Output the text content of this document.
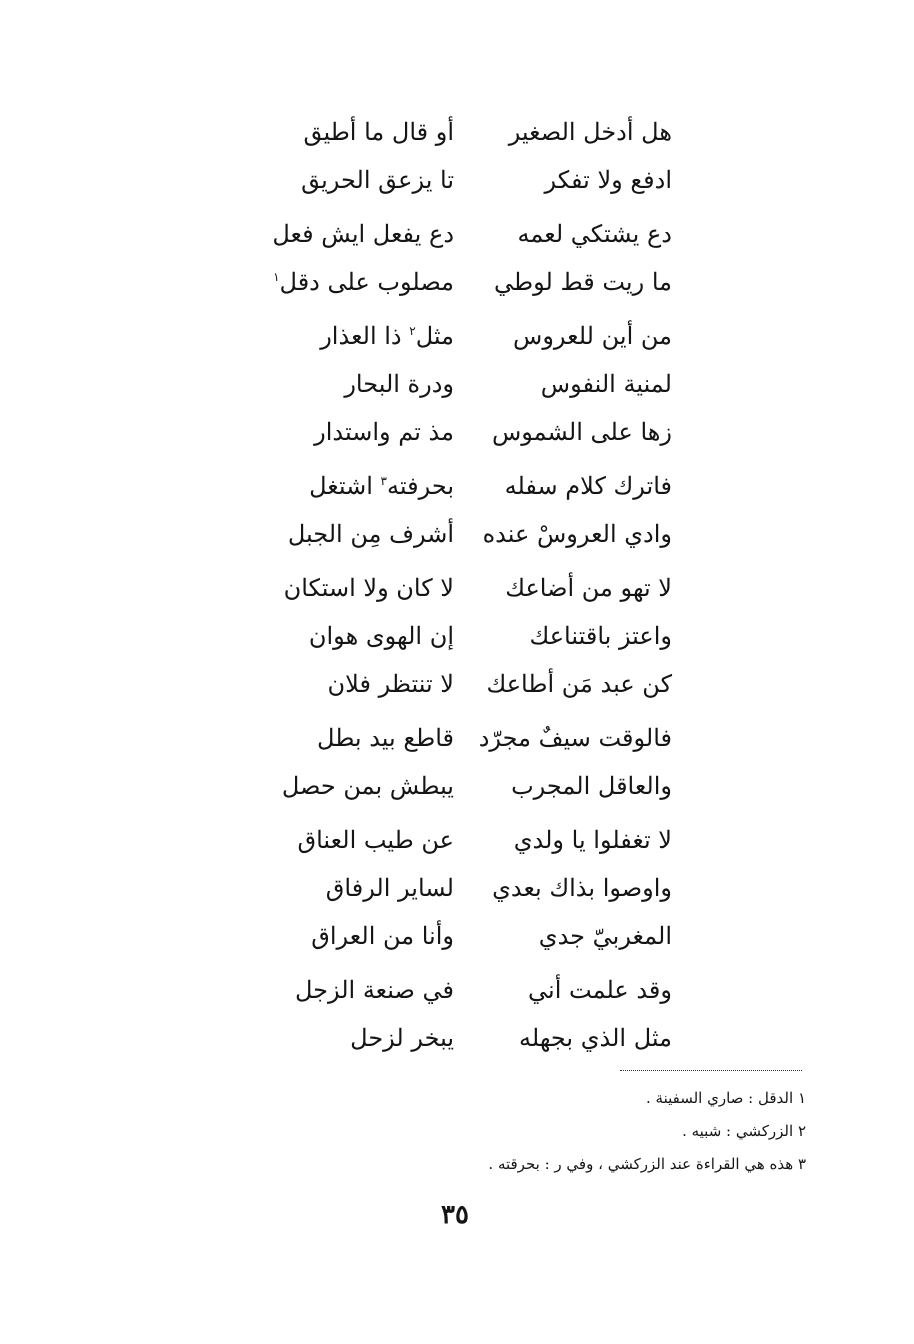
هل أدخل الصغير
أو قال ما أطيق
ادفع ولا تفكر
تا يزعق الحريق
دع يشتكي لعمه
دع يفعل ايش فعل
ما ريت قط لوطي
مصلوب على دقل$^١$
من أين للعروس
مثل$^٢$ ذا العذار
لمنية النفوس
ودرة البحار
زها على الشموس
مذ تم واستدار
فاترك كلام سفله
بحرفته$^٣$ اشتغل
وادي العروسْ عنده
أشرف مِن الجبل
لا تهو من أضاعك
لا كان ولا استكان
واعتز باقتناعك
إن الهوى هوان
كن عبد مَن أطاعك
لا تنتظر فلان
فالوقت سيفٌ مجرّد
قاطع بيد بطل
والعاقل المجرب
يبطش بمن حصل
لا تغفلوا يا ولدي
عن طيب العناق
واوصوا بذاك بعدي
لساير الرفاق
المغربيّ جدي
وأنا من العراق
وقد علمت أني
في صنعة الزجل
مثل الذي بجهله
يبخر لزحل
١ الدقل : صاري السفينة .
٢ الزركشي : شبيه .
٣ هذه هي القراءة عند الزركشي ، وفي ر : بحرقته .
٣٥
